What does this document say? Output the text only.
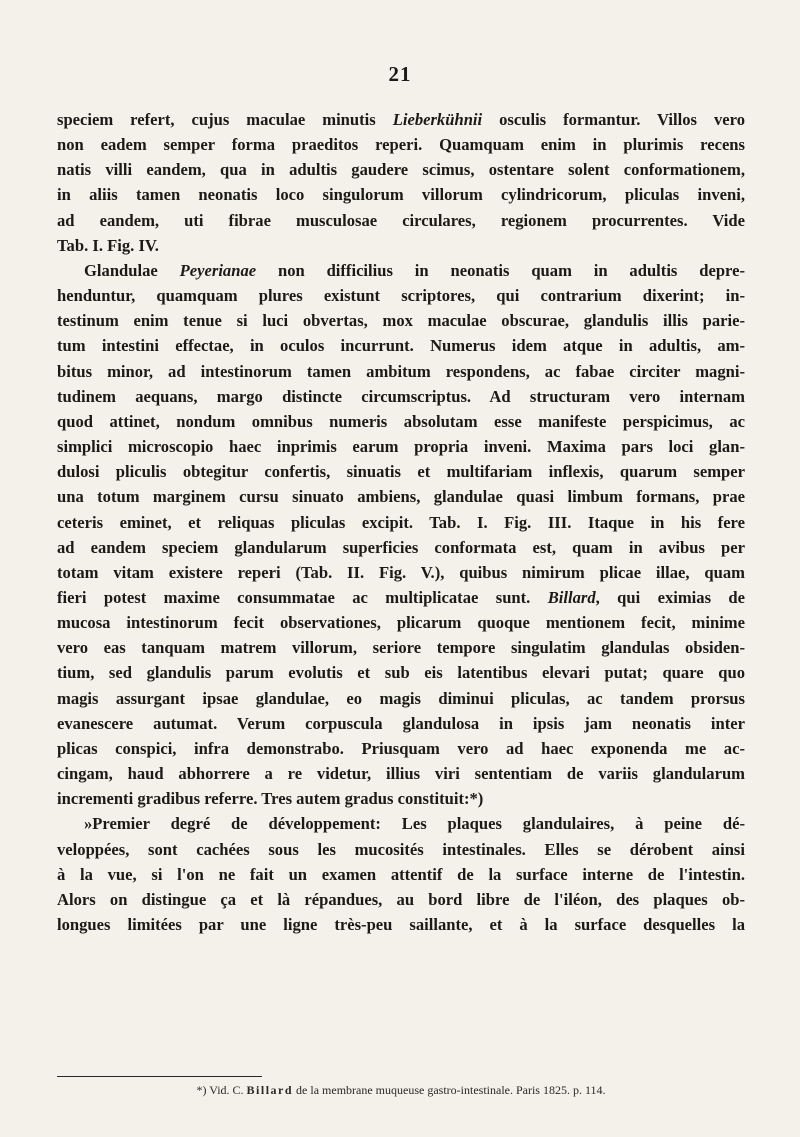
21

speciem refert, cujus maculae minutis Lieberkühnii osculis formantur. Villos vero

non eadem semper forma praeditos reperi. Quamquam enim in plurimis recens

natis villi eandem, qua in adultis gaudere scimus, ostentare solent conformationem,

in aliis tamen neonatis loco singulorum villorum cylindricorum, pliculas inveni,

ad eandem, uti fibrae musculosae circulares, regionem procurrentes. Vide

Tab. I. Fig. IV.

Glandulae Peyerianae non difficilius in neonatis quam in adultis depre-

henduntur, quamquam plures existunt scriptores, qui contrarium dixerint; in-

testinum enim tenue si luci obvertas, mox maculae obscurae, glandulis illis parie-

tum intestini effectae, in oculos incurrunt. Numerus idem atque in adultis, am-

bitus minor, ad intestinorum tamen ambitum respondens, ac fabae circiter magni-

tudinem aequans, margo distincte circumscriptus. Ad structuram vero internam

quod attinet, nondum omnibus numeris absolutam esse manifeste perspicimus, ac

simplici microscopio haec inprimis earum propria inveni. Maxima pars loci glan-

dulosi pliculis obtegitur confertis, sinuatis et multifariam inflexis, quarum semper

una totum marginem cursu sinuato ambiens, glandulae quasi limbum formans, prae

ceteris eminet, et reliquas pliculas excipit. Tab. I. Fig. III. Itaque in his fere

ad eandem speciem glandularum superficies conformata est, quam in avibus per

totam vitam existere reperi (Tab. II. Fig. V.), quibus nimirum plicae illae, quam

fieri potest maxime consummatae ac multiplicatae sunt. Billard, qui eximias de

mucosa intestinorum fecit observationes, plicarum quoque mentionem fecit, minime

vero eas tanquam matrem villorum, seriore tempore singulatim glandulas obsiden-

tium, sed glandulis parum evolutis et sub eis latentibus elevari putat; quare quo

magis assurgant ipsae glandulae, eo magis diminui pliculas, ac tandem prorsus

evanescere autumat. Verum corpuscula glandulosa in ipsis jam neonatis inter

plicas conspici, infra demonstrabo. Priusquam vero ad haec exponenda me ac-

cingam, haud abhorrere a re videtur, illius viri sententiam de variis glandularum

incrementi gradibus referre. Tres autem gradus constituit:*)

»Premier degré de développement: Les plaques glandulaires, à peine dé-

veloppées, sont cachées sous les mucosités intestinales. Elles se dérobent ainsi

à la vue, si l'on ne fait un examen attentif de la surface interne de l'intestin.

Alors on distingue ça et là répandues, au bord libre de l'iléon, des plaques ob-

longues limitées par une ligne très-peu saillante, et à la surface desquelles la

*) Vid. C. Billard de la membrane muqueuse gastro-intestinale. Paris 1825. p. 114.
